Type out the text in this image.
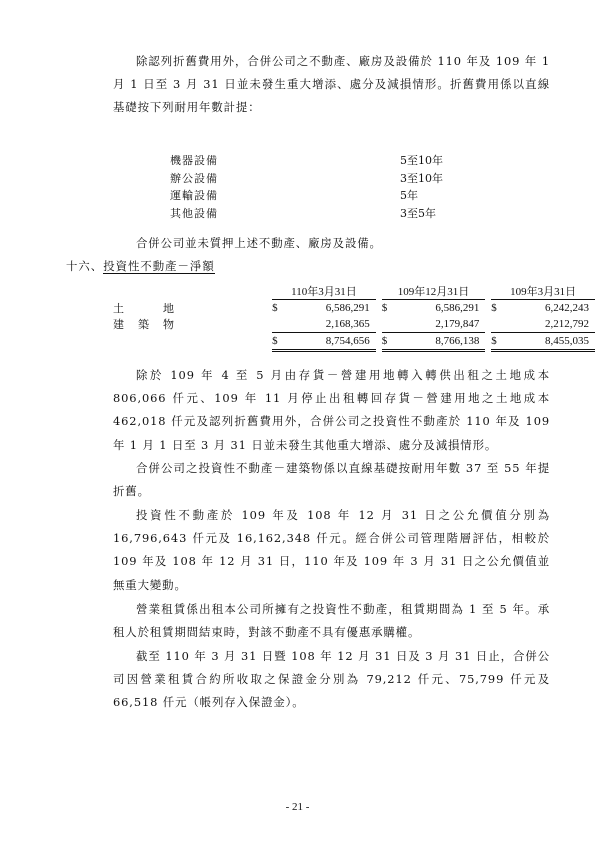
除認列折舊費用外，合併公司之不動產、廠房及設備於 110 年及 109 年 1 月 1 日至 3 月 31 日並未發生重大增添、處分及減損情形。折舊費用係以直線基礎按下列耐用年數計提：

機器設備	5至10年
辦公設備	3至10年
運輸設備	5年
其他設備	3至5年

合併公司並未質押上述不動產、廠房及設備。

十六、投資性不動產－淨額
	110年3月31日			109年12月31日			109年3月31日	
土　地	$	6,586,291		$	6,586,291		$	6,242,243
建築物		2,168,365			2,179,847			2,212,792
	$	8,754,656		$	8,766,138		$	8,455,035

除於 109 年 4 至 5 月由存貨－營建用地轉入轉供出租之土地成本 806,066 仟元、109 年 11 月停止出租轉回存貨－營建用地之土地成本 462,018 仟元及認列折舊費用外，合併公司之投資性不動產於 110 年及 109 年 1 月 1 日至 3 月 31 日並未發生其他重大增添、處分及減損情形。

合併公司之投資性不動產－建築物係以直線基礎按耐用年數 37 至 55 年提折舊。

投資性不動產於 109 年及 108 年 12 月 31 日之公允價值分別為 16,796,643 仟元及 16,162,348 仟元。經合併公司管理階層評估，相較於 109 年及 108 年 12 月 31 日，110 年及 109 年 3 月 31 日之公允價值並無重大變動。

營業租賃係出租本公司所擁有之投資性不動產，租賃期間為 1 至 5 年。承租人於租賃期間結束時，對該不動產不具有優惠承購權。

截至 110 年 3 月 31 日暨 108 年 12 月 31 日及 3 月 31 日止，合併公司因營業租賃合約所收取之保證金分別為 79,212 仟元、75,799 仟元及 66,518 仟元（帳列存入保證金）。

- 21 -
